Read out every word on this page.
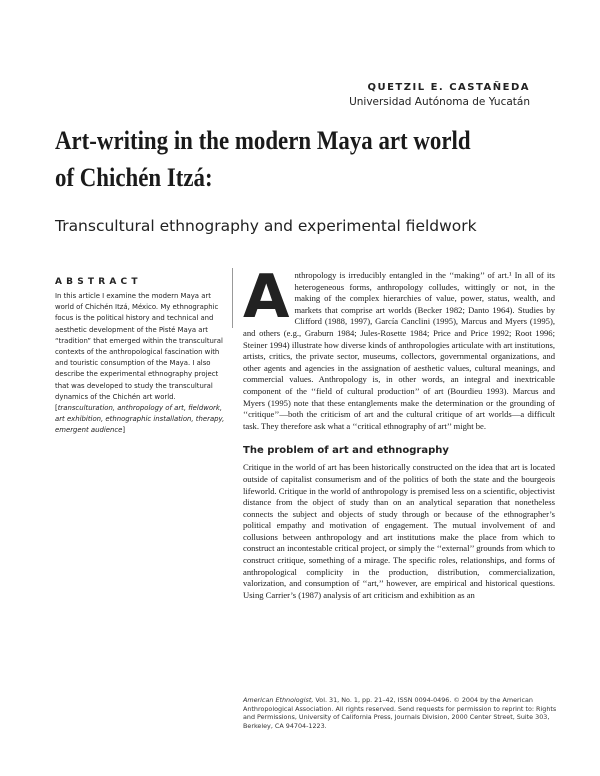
QUETZIL E. CASTAÑEDA
Universidad Autónoma de Yucatán
Art-writing in the modern Maya art world
of Chichén Itzá:
Transcultural ethnography and experimental fieldwork
ABSTRACT
In this article I examine the modern Maya art world of Chichén Itzá, México. My ethnographic focus is the political history and technical and aesthetic development of the Pisté Maya art “tradition” that emerged within the transcultural contexts of the anthropological fascination with and touristic consumption of the Maya. I also describe the experimental ethnography project that was developed to study the transcultural dynamics of the Chichén art world. [transculturation, anthropology of art, fieldwork, art exhibition, ethnographic installation, therapy, emergent audience]

Anthropology is irreducibly entangled in the ‘‘making’’ of art.¹ In all of its heterogeneous forms, anthropology colludes, wittingly or not, in the making of the complex hierarchies of value, power, status, wealth, and markets that comprise art worlds (Becker 1982; Danto 1964). Studies by Clifford (1988, 1997), García Canclini (1995), Marcus and Myers (1995), and others (e.g., Graburn 1984; Jules-Rosette 1984; Price and Price 1992; Root 1996; Steiner 1994) illustrate how diverse kinds of anthropologies articulate with art institutions, artists, critics, the private sector, museums, collectors, governmental organizations, and other agents and agencies in the assignation of aesthetic values, cultural meanings, and commercial values. Anthropology is, in other words, an integral and inextricable component of the ‘‘field of cultural production’’ of art (Bourdieu 1993). Marcus and Myers (1995) note that these entanglements make the determination or the grounding of ‘‘critique’’—both the criticism of art and the cultural critique of art worlds—a difficult task. They therefore ask what a ‘‘critical ethnography of art’’ might be.

The problem of art and ethnography

Critique in the world of art has been historically constructed on the idea that art is located outside of capitalist consumerism and of the politics of both the state and the bourgeois lifeworld. Critique in the world of anthropology is premised less on a scientific, objectivist distance from the object of study than on an analytical separation that nonetheless connects the subject and objects of study through or because of the ethnographer’s political empathy and motivation of engagement. The mutual involvement of and collusions between anthropology and art institutions make the place from which to construct an incontestable critical project, or simply the ‘‘external’’ grounds from which to construct critique, something of a mirage. The specific roles, relationships, and forms of anthropological complicity in the production, distribution, commercialization, valorization, and consumption of ‘‘art,’’ however, are empirical and historical questions. Using Carrier’s (1987) analysis of art criticism and exhibition as an

American Ethnologist, Vol. 31, No. 1, pp. 21–42, ISSN 0094-0496. © 2004 by the American Anthropological Association. All rights reserved. Send requests for permission to reprint to: Rights and Permissions, University of California Press, Journals Division, 2000 Center Street, Suite 303, Berkeley, CA 94704-1223.
